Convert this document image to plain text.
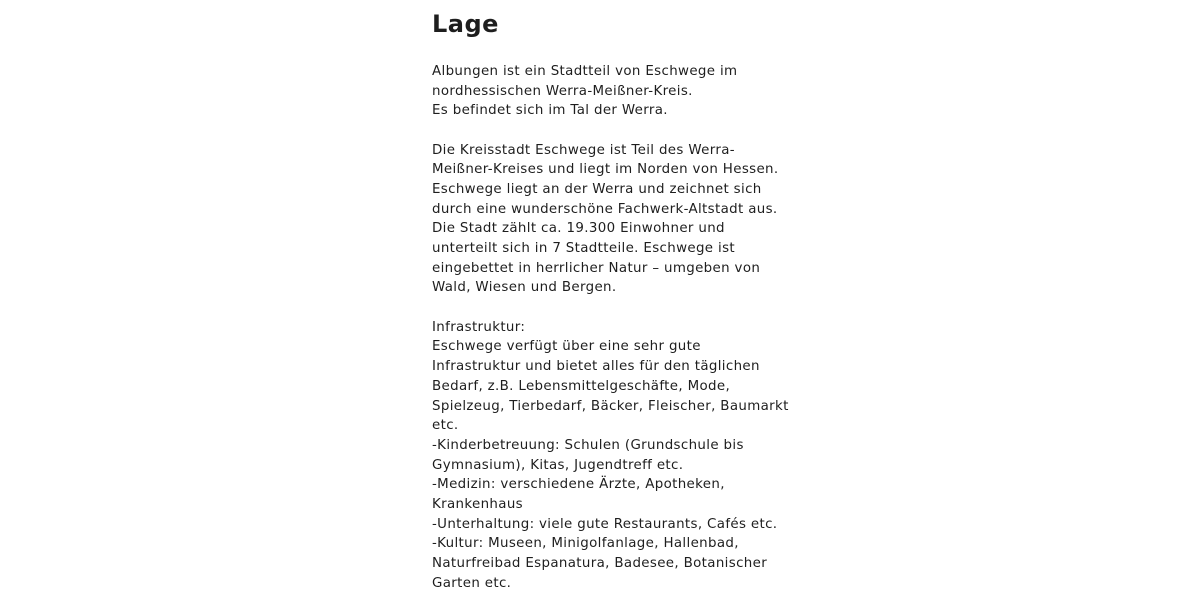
Lage

Albungen ist ein Stadtteil von Eschwege im
nordhessischen Werra-Meißner-Kreis.
Es befindet sich im Tal der Werra.

Die Kreisstadt Eschwege ist Teil des Werra-
Meißner-Kreises und liegt im Norden von Hessen.
Eschwege liegt an der Werra und zeichnet sich
durch eine wunderschöne Fachwerk-Altstadt aus.
Die Stadt zählt ca. 19.300 Einwohner und
unterteilt sich in 7 Stadtteile. Eschwege ist
eingebettet in herrlicher Natur – umgeben von
Wald, Wiesen und Bergen.

Infrastruktur:
Eschwege verfügt über eine sehr gute
Infrastruktur und bietet alles für den täglichen
Bedarf, z.B. Lebensmittelgeschäfte, Mode,
Spielzeug, Tierbedarf, Bäcker, Fleischer, Baumarkt
etc.
-Kinderbetreuung: Schulen (Grundschule bis
Gymnasium), Kitas, Jugendtreff etc.
-Medizin: verschiedene Ärzte, Apotheken,
Krankenhaus
-Unterhaltung: viele gute Restaurants, Cafés etc.
-Kultur: Museen, Minigolfanlage, Hallenbad,
Naturfreibad Espanatura, Badesee, Botanischer
Garten etc.
